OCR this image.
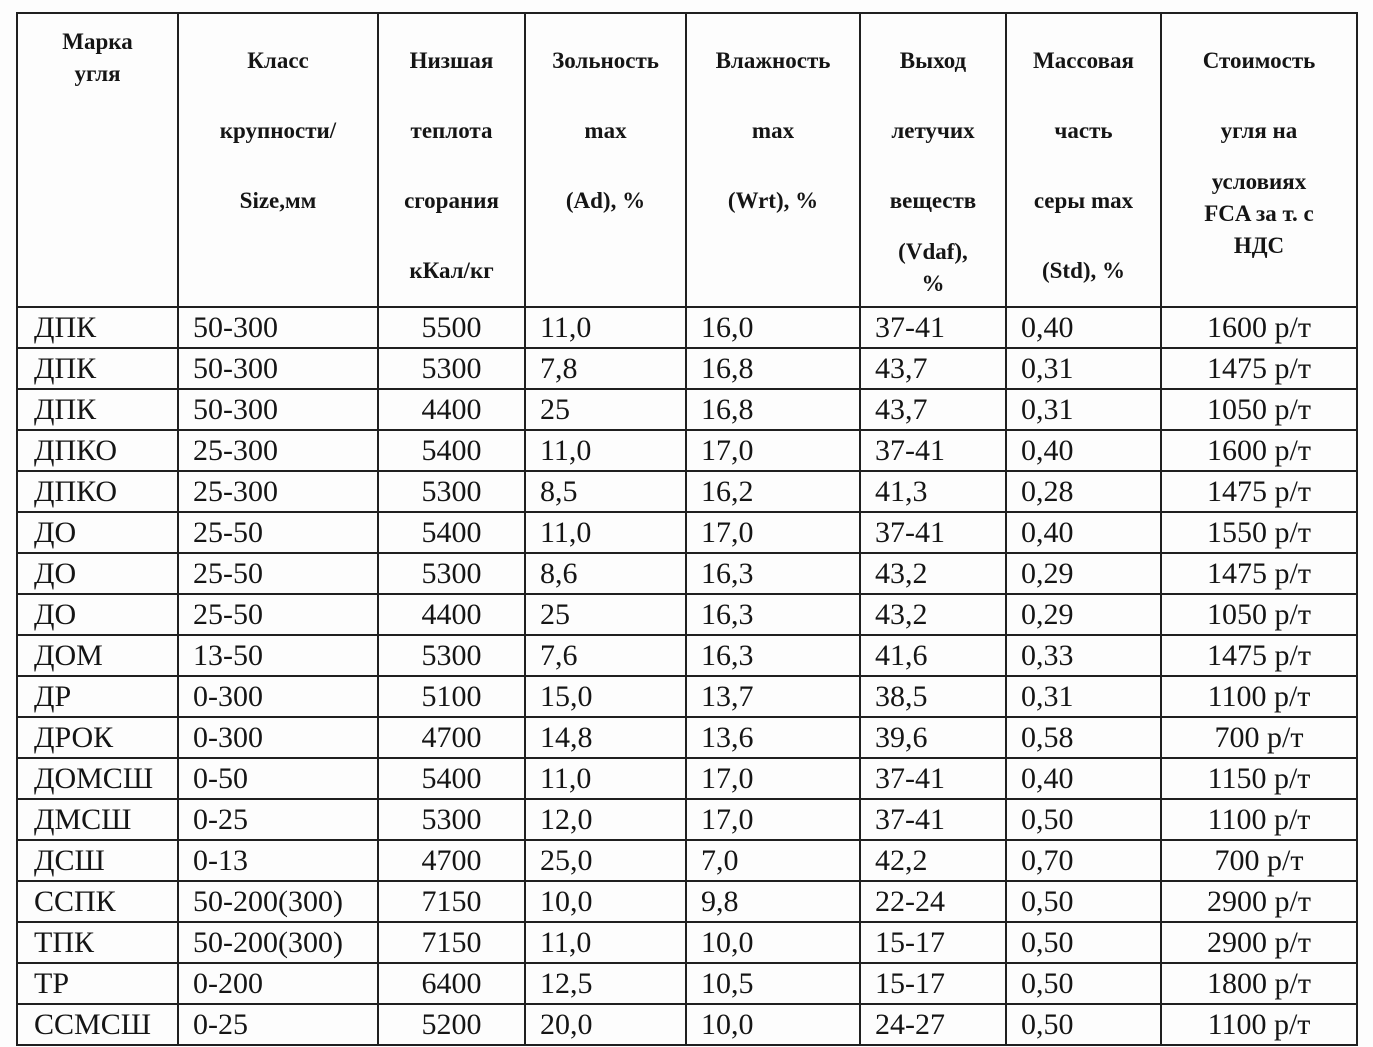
Марка
угля	Класс
крупности/
Size,мм	Низшая
теплота
сгорания
кКал/кг	Зольность
max
(Ad), %	Влажность
max
(Wrt), %	Выход
летучих
веществ
(Vdaf),
%	Массовая
часть
серы max
(Std), %	Стоимость
угля на
условиях
FCA за т. с
НДС

ДПК	50-300	5500	11,0	16,0	37-41	0,40	1600 р/т
ДПК	50-300	5300	7,8	16,8	43,7	0,31	1475 р/т
ДПК	50-300	4400	25	16,8	43,7	0,31	1050 р/т
ДПКО	25-300	5400	11,0	17,0	37-41	0,40	1600 р/т
ДПКО	25-300	5300	8,5	16,2	41,3	0,28	1475 р/т
ДО	25-50	5400	11,0	17,0	37-41	0,40	1550 р/т
ДО	25-50	5300	8,6	16,3	43,2	0,29	1475 р/т
ДО	25-50	4400	25	16,3	43,2	0,29	1050 р/т
ДОМ	13-50	5300	7,6	16,3	41,6	0,33	1475 р/т
ДР	0-300	5100	15,0	13,7	38,5	0,31	1100 р/т
ДРОК	0-300	4700	14,8	13,6	39,6	0,58	700 р/т
ДОМСШ	0-50	5400	11,0	17,0	37-41	0,40	1150 р/т
ДМСШ	0-25	5300	12,0	17,0	37-41	0,50	1100 р/т
ДСШ	0-13	4700	25,0	7,0	42,2	0,70	700 р/т
ССПК	50-200(300)	7150	10,0	9,8	22-24	0,50	2900 р/т
ТПК	50-200(300)	7150	11,0	10,0	15-17	0,50	2900 р/т
ТР	0-200	6400	12,5	10,5	15-17	0,50	1800 р/т
ССМСШ	0-25	5200	20,0	10,0	24-27	0,50	1100 р/т
